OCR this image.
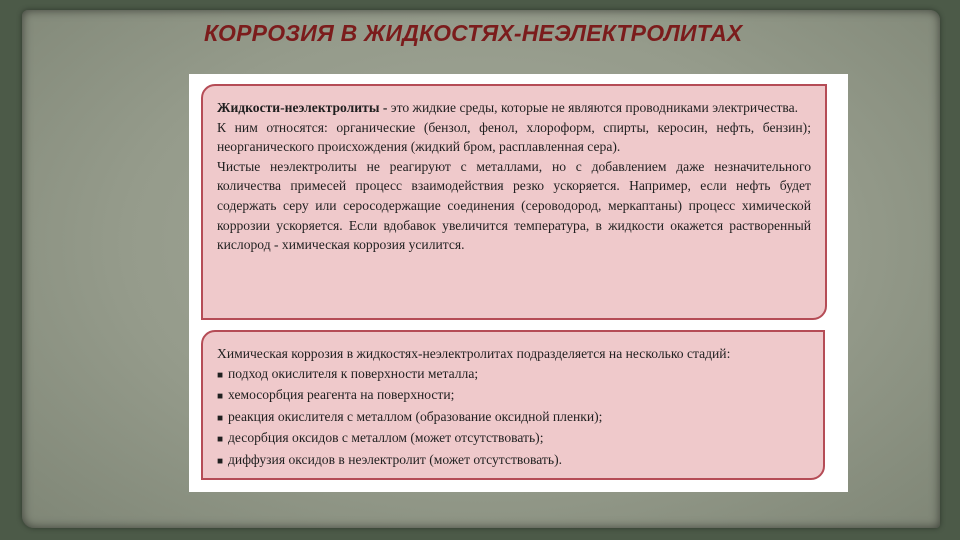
КОРРОЗИЯ В ЖИДКОСТЯХ-НЕЭЛЕКТРОЛИТАХ

Жидкости-неэлектролиты - это жидкие среды, которые не являются проводниками электричества.

К ним относятся: органические (бензол, фенол, хлороформ, спирты, керосин, нефть, бензин); неорганического происхождения (жидкий бром, расплавленная сера).

Чистые неэлектролиты не реагируют с металлами, но с добавлением даже незначительного количества примесей процесс взаимодействия резко ускоряется. Например, если нефть будет содержать серу или серосодержащие соединения (сероводород, меркаптаны) процесс химической коррозии ускоряется. Если вдобавок увеличится температура, в жидкости окажется растворенный кислород - химическая коррозия усилится.

Химическая коррозия в жидкостях-неэлектролитах подразделяется на несколько стадий:

■ подход окислителя к поверхности металла;
■ хемосорбция реагента на поверхности;
■ реакция окислителя с металлом (образование оксидной пленки);
■ десорбция оксидов с металлом (может отсутствовать);
■ диффузия оксидов в неэлектролит (может отсутствовать).
